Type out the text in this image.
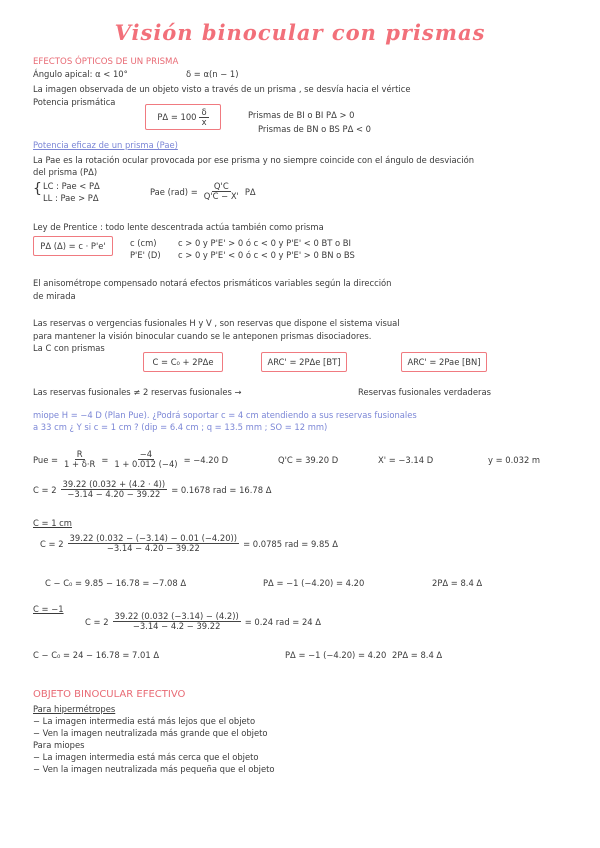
Visión binocular con prismas
EFECTOS ÓPTICOS DE UN PRISMA
Ángulo apical: α < 10°	δ = α(n − 1)
La imagen observada de un objeto visto a través de un prisma , se desvía hacia el vértice
Potencia prismática
$P\Delta = 100 \frac{\delta}{x}$	Prismas de BI o BI PΔ > 0
Prismas de BN o BS PΔ < 0
Potencia eficaz de un prisma (Pae)
La Pae es la rotación ocular provocada por ese prisma y no siempre coincide con el ángulo de desviación
del prisma (PΔ)
{ LC : Pae < PΔ
LL : Pae > PΔ
Pae $(rad) = \frac{Q'C}{Q'C - X'}$ PΔ
Ley de Prentice : todo lente descentrada actúa también como prisma
PΔ (Δ) = c · P'e'	c (cm)	c > 0 y P'E' > 0 ó c < 0 y P'E' < 0 BT o BI
P'E' (D) c > 0 y P'E' < 0 ó c < 0 y P'E' > 0 BN o BS
El anisométrope compensado notará efectos prismáticos variables según la dirección
de mirada
Las reservas o vergencias fusionales H y V , son reservas que dispone el sistema visual
para mantener la visión binocular cuando se le anteponen prismas disociadores.
La C con prismas
C = C₀ + 2PΔe	ARC' = 2PΔe [BT]	ARC' = 2Pae [BN]
Las reservas fusionales ≠ 2 reservas fusionales →	Reservas fusionales verdaderas
miope H = −4 D (Plan Pue). ¿Podrá soportar c = 4 cm atendiendo a sus reservas fusionales
a 33 cm ¿ Y si c = 1 cm ? (dip = 6.4 cm ; q = 13.5 mm ; SO = 12 mm)
Pue = $\frac{R}{1 + \delta\cdot R} = \frac{-4}{1 + 0.012 (-4)} = -4.20$ D	Q'C = 39.20 D	X' = −3.14 D	y = 0.032 m
$C = 2 \frac{39.22 (0.032 + (4.2 \cdot 4))}{-3.14 - 4.20 - 39.22} = 0.1678$ rad = 16.78 Δ
C = 1 cm
$C = 2 \frac{39.22 (0.032 - (-3.14) - 0.01 (-4.20))}{-3.14 - 4.20 - 39.22} = 0.0785$ rad = 9.85 Δ
C − C₀ = 9.85 − 16.78 = −7.08 Δ	PΔ = −1 (−4.20) = 4.20	2PΔ = 8.4 Δ
C = −1
$C = 2 \frac{39.22 (0.032 (-3.14) - (4.2))}{-3.14 - 4.2 - 39.22} = 0.24$ rad = 24 Δ
C − C₀ = 24 − 16.78 = 7.01 Δ	PΔ = −1 (−4.20) = 4.20 2PΔ = 8.4 Δ
OBJETO BINOCULAR EFECTIVO
Para hipermétropes
− La imagen intermedia está más lejos que el objeto
− Ven la imagen neutralizada más grande que el objeto
Para miopes
− La imagen intermedia está más cerca que el objeto
− Ven la imagen neutralizada más pequeña que el objeto
